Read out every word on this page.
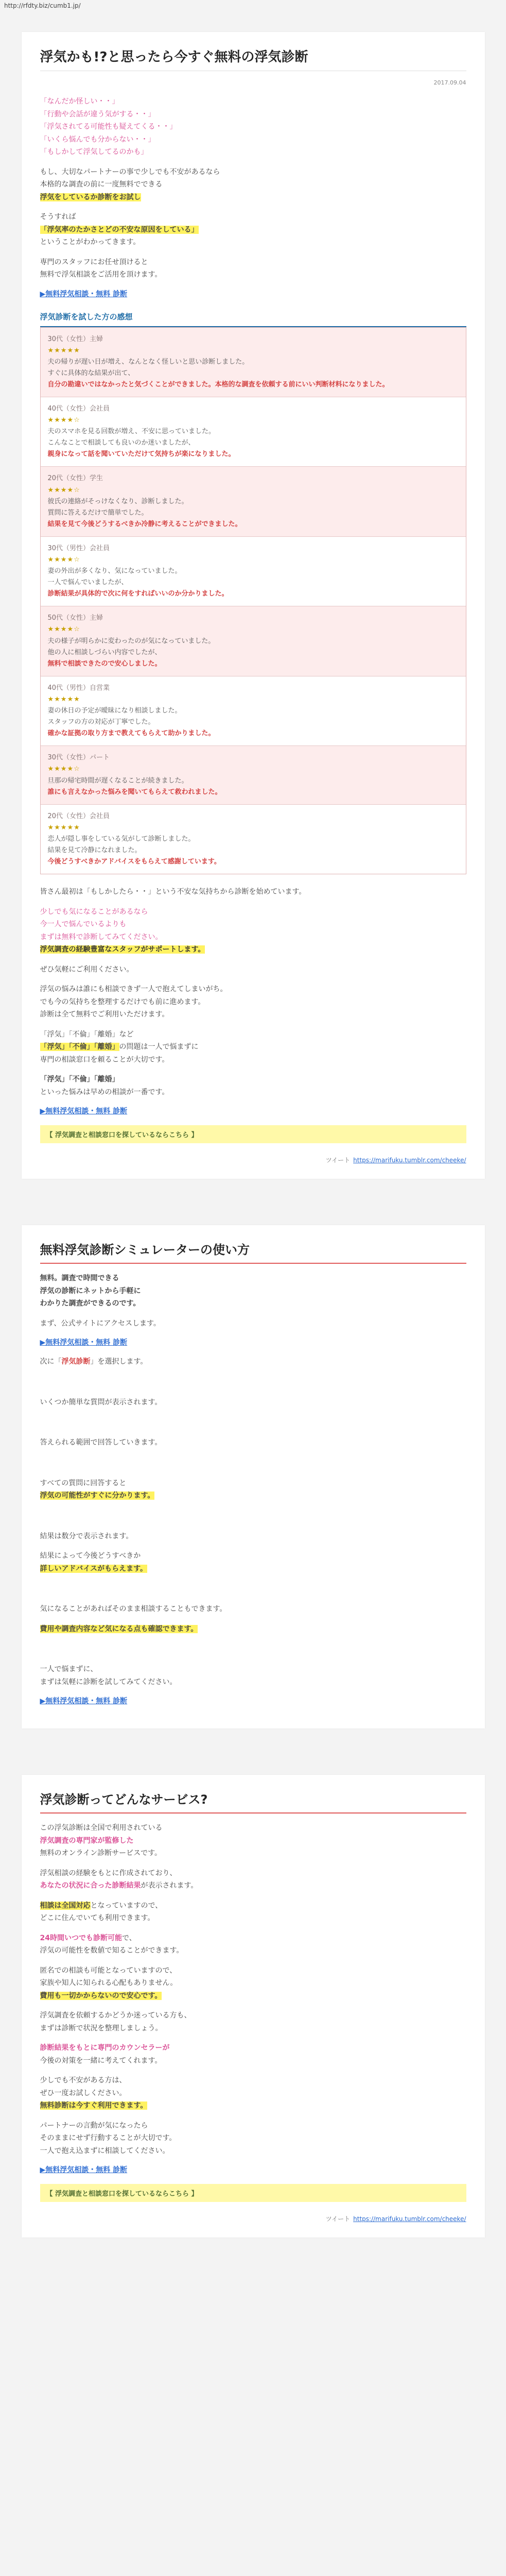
http://rfdty.biz/cumb1.jp/
浮気かも!?と思ったら今すぐ無料の浮気診断
2017.09.04

「なんだか怪しい・・」
「行動や会話が違う気がする・・」
「浮気されてる可能性も疑えてくる・・」
「いくら悩んでも分からない・・」
「もしかして浮気してるのかも」

もし、大切なパートナーの事で少しでも不安があるなら
本格的な調査の前に一度無料でできる
浮気をしているか診断をお試し

そうすれば
「浮気率のたかさとどの不安な原因をしている」
ということがわかってきます。

専門のスタッフにお任せ頂けると
無料で浮気相談をご活用を頂けます。

▶無料浮気相談・無料 診断
浮気診断を試した方の感想
30代（女性）主婦
★★★★★
夫の帰りが遅い日が増え、なんとなく怪しいと思い診断しました。
すぐに具体的な結果が出て、
自分の勘違いではなかったと気づくことができました。本格的な調査を依頼する前にいい判断材料になりました。
40代（女性）会社員
★★★★☆
夫のスマホを見る回数が増え、不安に思っていました。
こんなことで相談しても良いのか迷いましたが、
親身になって話を聞いていただけて気持ちが楽になりました。
20代（女性）学生
★★★★☆
彼氏の連絡がそっけなくなり、診断しました。
質問に答えるだけで簡単でした。
結果を見て今後どうするべきか冷静に考えることができました。
30代（男性）会社員
★★★★☆
妻の外出が多くなり、気になっていました。
一人で悩んでいましたが、
診断結果が具体的で次に何をすればいいのか分かりました。
50代（女性）主婦
★★★★☆
夫の様子が明らかに変わったのが気になっていました。
他の人に相談しづらい内容でしたが、
無料で相談できたので安心しました。
40代（男性）自営業
★★★★★
妻の休日の予定が曖昧になり相談しました。
スタッフの方の対応が丁寧でした。
確かな証拠の取り方まで教えてもらえて助かりました。
30代（女性）パート
★★★★☆
旦那の帰宅時間が遅くなることが続きました。
誰にも言えなかった悩みを聞いてもらえて救われました。
20代（女性）会社員
★★★★★
恋人が隠し事をしている気がして診断しました。
結果を見て冷静になれました。
今後どうすべきかアドバイスをもらえて感謝しています。

皆さん最初は「もしかしたら・・」という不安な気持ちから診断を始めています。

少しでも気になることがあるなら
今一人で悩んでいるよりも
まずは無料で診断してみてください。
浮気調査の経験豊富なスタッフがサポートします。

ぜひ気軽にご利用ください。

浮気の悩みは誰にも相談できず一人で抱えてしまいがち。
でも今の気持ちを整理するだけでも前に進めます。
診断は全て無料でご利用いただけます。

「浮気」「不倫」「離婚」など
「浮気」「不倫」「離婚」の問題は一人で悩まずに
専門の相談窓口を頼ることが大切です。

「浮気」「不倫」「離婚」
といった悩みは早めの相談が一番です。

▶無料浮気相談・無料 診断
【 浮気調査と相談窓口を探しているならこちら 】
ツイート https://marifuku.tumblr.com/cheeke/
無料浮気診断シミュレーターの使い方

無料。調査で時間できる
浮気の診断にネットから手軽に
わかりた調査ができるのです。

まず、公式サイトにアクセスします。

▶無料浮気相談・無料 診断

次に「浮気診断」を選択します。

いくつか簡単な質問が表示されます。

答えられる範囲で回答していきます。

すべての質問に回答すると
浮気の可能性がすぐに分かります。

結果は数分で表示されます。

結果によって今後どうすべきか
詳しいアドバイスがもらえます。

気になることがあればそのまま相談することもできます。

費用や調査内容など気になる点も確認できます。

一人で悩まずに、
まずは気軽に診断を試してみてください。

▶無料浮気相談・無料 診断
浮気診断ってどんなサービス?

この浮気診断は全国で利用されている
浮気調査の専門家が監修した
無料のオンライン診断サービスです。

浮気相談の経験をもとに作成されており、
あなたの状況に合った診断結果が表示されます。

相談は全国対応となっていますので、
どこに住んでいても利用できます。

24時間いつでも診断可能で、
浮気の可能性を数値で知ることができます。

匿名での相談も可能となっていますので、
家族や知人に知られる心配もありません。
費用も一切かからないので安心です。

浮気調査を依頼するかどうか迷っている方も、
まずは診断で状況を整理しましょう。

診断結果をもとに専門のカウンセラーが
今後の対策を一緒に考えてくれます。

少しでも不安がある方は、
ぜひ一度お試しください。
無料診断は今すぐ利用できます。

パートナーの言動が気になったら
そのままにせず行動することが大切です。
一人で抱え込まずに相談してください。

▶無料浮気相談・無料 診断
【 浮気調査と相談窓口を探しているならこちら 】
ツイート https://marifuku.tumblr.com/cheeke/
